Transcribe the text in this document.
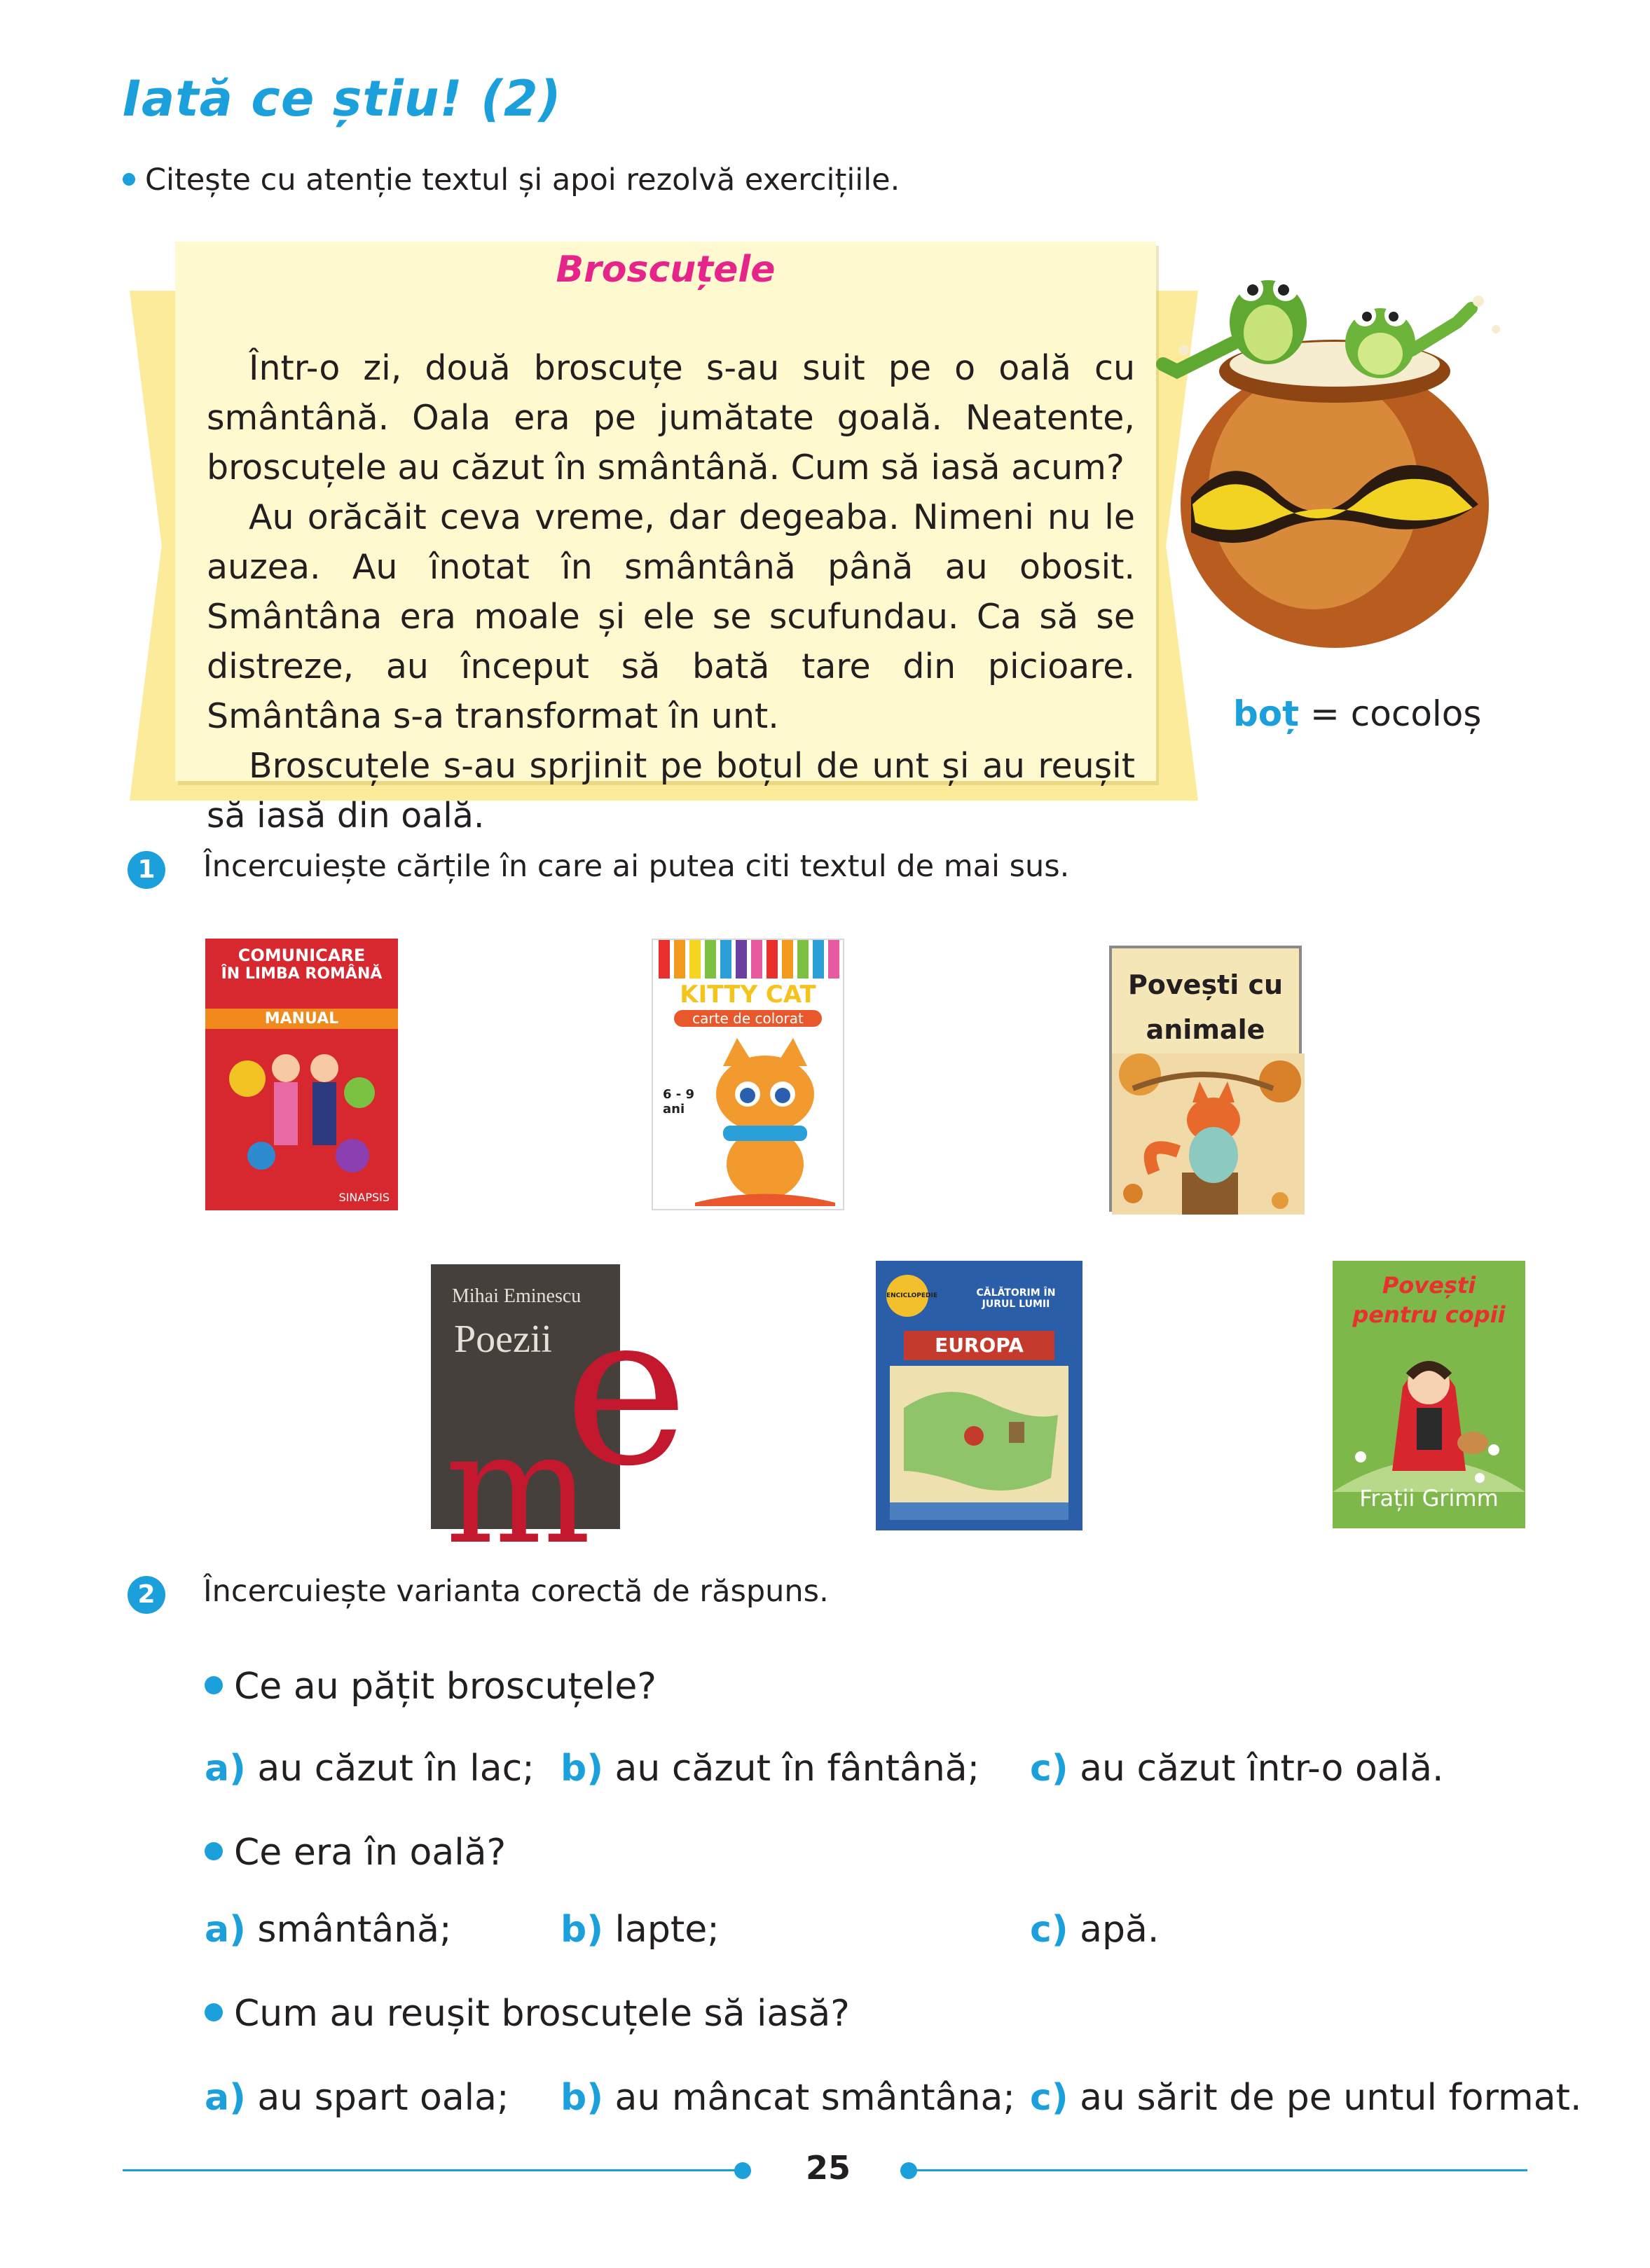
Iată ce știu! (2)
Citește cu atenție textul și apoi rezolvă exercițiile.
Broscuțele

Într-o zi, două broscuțe s-au suit pe o oală cu smântână. Oala era pe jumătate goală. Neatente, broscuțele au căzut în smântână. Cum să iasă acum?

Au orăcăit ceva vreme, dar degeaba. Nimeni nu le auzea. Au înotat în smântână până au obosit. Smântâna era moale și ele se scufundau. Ca să se distreze, au început să bată tare din picioare. Smântâna s-a transformat în unt.

Broscuțele s-au sprjinit pe boțul de unt și au reușit să iasă din oală.

boț = cocoloș
1	Încercuiește cărțile în care ai putea citi textul de mai sus.
COMUNICARE
ÎN LIMBA ROMÂNĂ
MANUAL
SINAPSIS
KITTY CAT
carte de colorat
6 - 9 ani
Povești cu animale
e
m
Mihai Eminescu
Poezii
ENCICLOPEDIE	CĂLĂTORIM ÎN JURUL LUMII
EUROPA
Povești pentru copii
Frații Grimm
2	Încercuiește varianta corectă de răspuns.
Ce au pățit broscuțele?
a) au căzut în lac; b) au căzut în fântână; c) au căzut într-o oală.
Ce era în oală?
a) smântână;	b) lapte;	c) apă.
Cum au reușit broscuțele să iasă?
a) au spart oala; b) au mâncat smântâna; c) au sărit de pe untul format.
25
